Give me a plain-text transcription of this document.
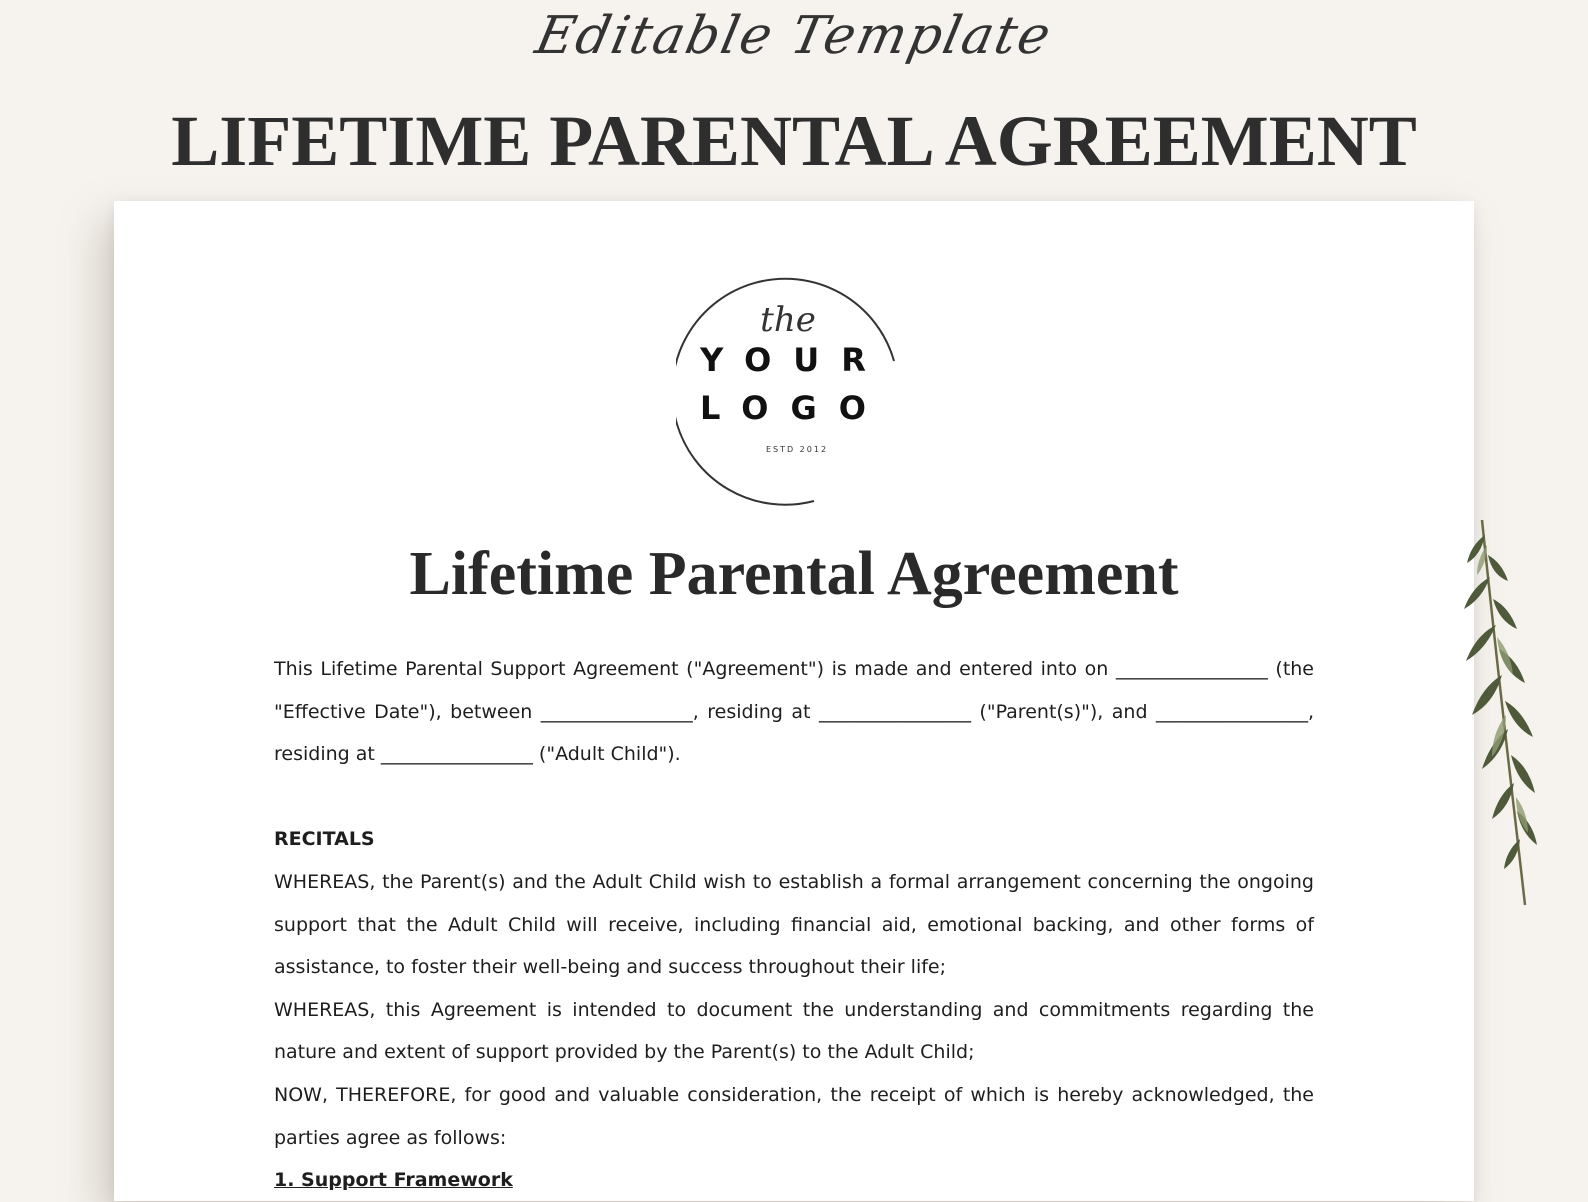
Editable Template
LIFETIME PARENTAL AGREEMENT
the
YOUR
LOGO
ESTD 2012
Lifetime Parental Agreement

This Lifetime Parental Support Agreement ("Agreement") is made and entered into on ________________ (the "Effective Date"), between ________________, residing at ________________ ("Parent(s)"), and ________________, residing at ________________ ("Adult Child").

RECITALS

WHEREAS, the Parent(s) and the Adult Child wish to establish a formal arrangement concerning the ongoing support that the Adult Child will receive, including financial aid, emotional backing, and other forms of assistance, to foster their well-being and success throughout their life;

WHEREAS, this Agreement is intended to document the understanding and commitments regarding the nature and extent of support provided by the Parent(s) to the Adult Child;

NOW, THEREFORE, for good and valuable consideration, the receipt of which is hereby acknowledged, the parties agree as follows:

1. Support Framework
